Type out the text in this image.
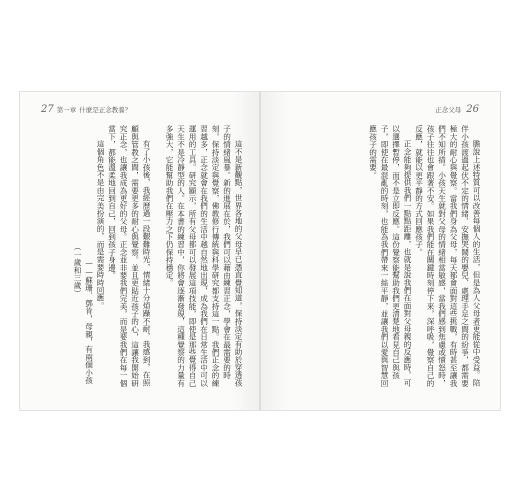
27 第一章 什麼是正念教養？

這不是新觀點，世界各地的父母早已憑直覺知道，保持淡定有助於穿透孩子的情緒風暴。新的進展在於，我們可以藉由練習正念，學會在最需要的時刻，保持淡定與覺察，佛教修行傳統與科學研究都支持這一點。我們正念的練習越多，正念就會在我們的生活中越自然地出現，成為我們在日常生活中可以運用的工具。研究顯示，所有父母都可以發展這項技能，即使是那些覺得自己天生不是冷靜型的人。在本書的練習中，你將會逐漸發現，這種覺察的力量有多強大，它能幫助我們在壓力之下仍保持穩定。

有了小孩後，我經歷過一段艱難時光，情緒十分煩躁不耐，我感到，在照顧與管教之間，需要更多的耐心與覺察。並且更貼近孩子的心，這讓我開始研究正念，也讓我成為更好的父母。正念並非要我們完美，而是要我們在每一個當下，都能溫柔地回到自己，回到孩子身邊。

這個角色不是由完美扮演的，而是需要時時回應。

——蘇珊．鄧肯，母親，有兩個小孩（一歲和三歲）

正念父母 26

膽說上述特質可以改善每個人的生活，但是為人父母者更能從中受益。陪伴小孩渡過起伏不定的情緒、安撫哭鬧的嬰兒、處理手足之間的紛爭，都需要極大的耐心與覺察。當我們身為父母，每天都會面對這些挑戰，有時甚至讓我們不知所措。小孩天生就對父母的情緒相當敏感，當我們感到焦慮或憤怒時，孩子往往也會跟著不安。如果我們能在關鍵時刻停下來，深呼吸，覺察自己的反應，就能以更平靜的方式回應孩子。

正念能夠提供我們一點點距離，也就是說我們在面對父母親的反應時，可以選擇暫停，而不是立即反應。這份覺察能幫助我們更清楚地看見自己與孩子，即使在最混亂的時刻，也能為我們帶來一絲平靜，並讓我們以愛與智慧回應孩子的需要。
